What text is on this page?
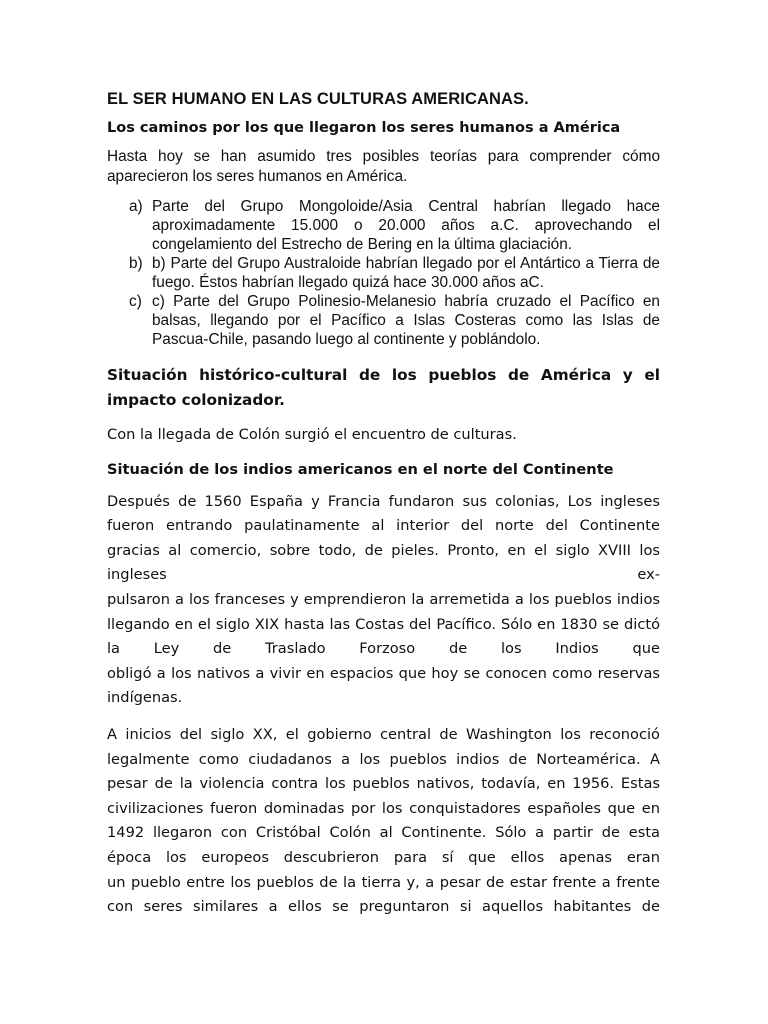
EL SER HUMANO EN LAS CULTURAS AMERICANAS.
Los caminos por los que llegaron los seres humanos a América

Hasta hoy se han asumido tres posibles teorías para comprender cómo aparecieron los seres humanos en América.

a) Parte del Grupo Mongoloide/Asia Central habrían llegado hace aproximadamente 15.000 o 20.000 años a.C. aprovechando el congelamiento del Estrecho de Bering en la última glaciación.
b) b) Parte del Grupo Australoide habrían llegado por el Antártico a Tierra de fuego. Éstos habrían llegado quizá hace 30.000 años aC.
c) c) Parte del Grupo Polinesio-Melanesio habría cruzado el Pacífico en balsas, llegando por el Pacífico a Islas Costeras como las Islas de Pascua-Chile, pasando luego al continente y poblándolo.
Situación histórico-cultural de los pueblos de América y el impacto colonizador.

Con la llegada de Colón surgió el encuentro de culturas.

Situación de los indios americanos en el norte del Continente

Después de 1560 España y Francia fundaron sus colonias, Los ingleses
fueron entrando paulatinamente al interior del norte del Continente
gracias al comercio, sobre todo, de pieles. Pronto, en el siglo XVIII los
ingleses ex-
pulsaron a los franceses y emprendieron la arremetida a los pueblos indios
llegando en el siglo XIX hasta las Costas del Pacífico. Sólo en 1830 se dictó
la Ley de Traslado Forzoso de los Indios que
obligó a los nativos a vivir en espacios que hoy se conocen como reservas
indígenas.

A inicios del siglo XX, el gobierno central de Washington los reconoció
legalmente como ciudadanos a los pueblos indios de Norteamérica. A
pesar de la violencia contra los pueblos nativos, todavía, en 1956. Estas
civilizaciones fueron dominadas por los conquistadores españoles que en
1492 llegaron con Cristóbal Colón al Continente. Sólo a partir de esta
época los europeos descubrieron para sí que ellos apenas eran
un pueblo entre los pueblos de la tierra y, a pesar de estar frente a frente
con seres similares a ellos se preguntaron si aquellos habitantes de
